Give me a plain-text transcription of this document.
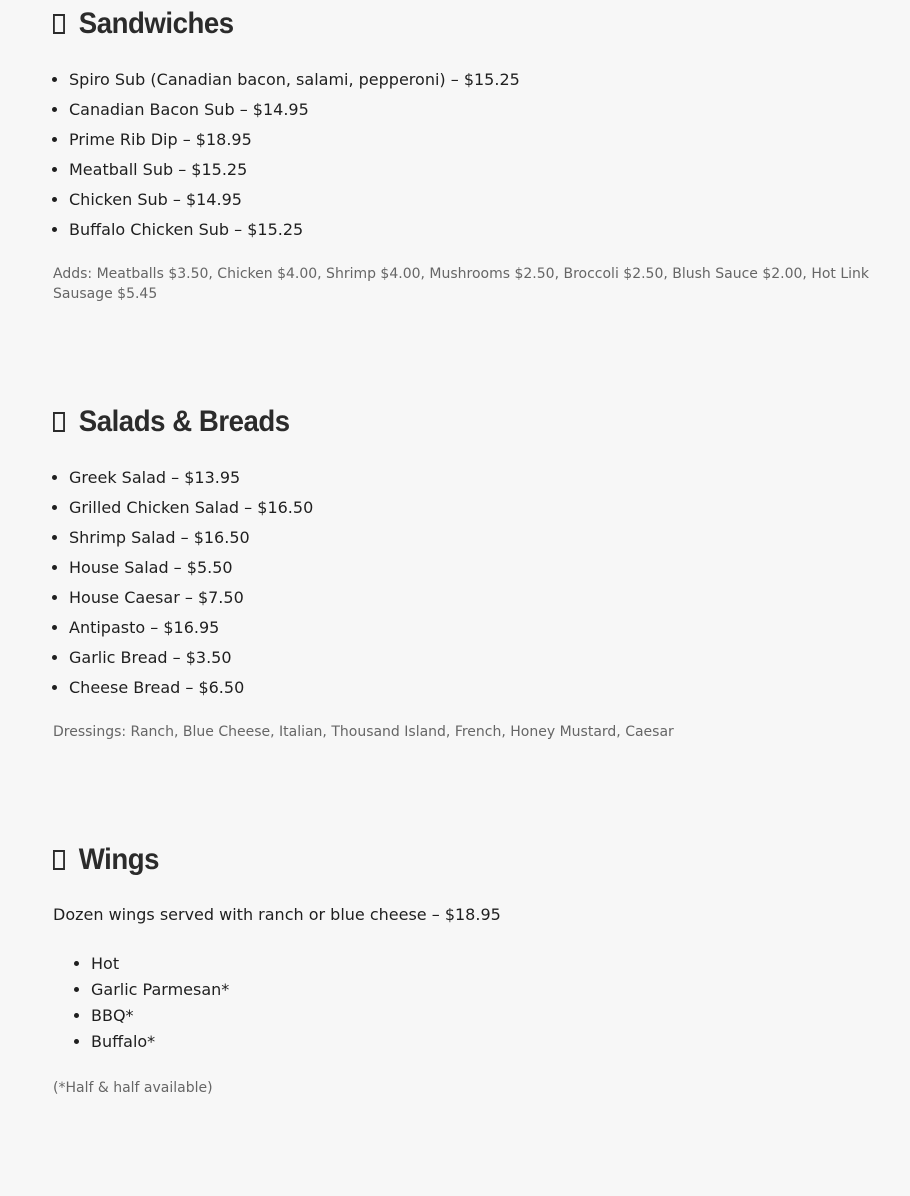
Sandwiches
• Spiro Sub (Canadian bacon, salami, pepperoni) – $15.25
• Canadian Bacon Sub – $14.95
• Prime Rib Dip – $18.95
• Meatball Sub – $15.25
• Chicken Sub – $14.95
• Buffalo Chicken Sub – $15.25

Adds: Meatballs $3.50, Chicken $4.00, Shrimp $4.00, Mushrooms $2.50, Broccoli $2.50, Blush Sauce $2.00, Hot Link Sausage $5.45

Salads & Breads
• Greek Salad – $13.95
• Grilled Chicken Salad – $16.50
• Shrimp Salad – $16.50
• House Salad – $5.50
• House Caesar – $7.50
• Antipasto – $16.95
• Garlic Bread – $3.50
• Cheese Bread – $6.50

Dressings: Ranch, Blue Cheese, Italian, Thousand Island, French, Honey Mustard, Caesar

Wings

Dozen wings served with ranch or blue cheese – $18.95

• Hot
• Garlic Parmesan*
• BBQ*
• Buffalo*

(*Half & half available)
